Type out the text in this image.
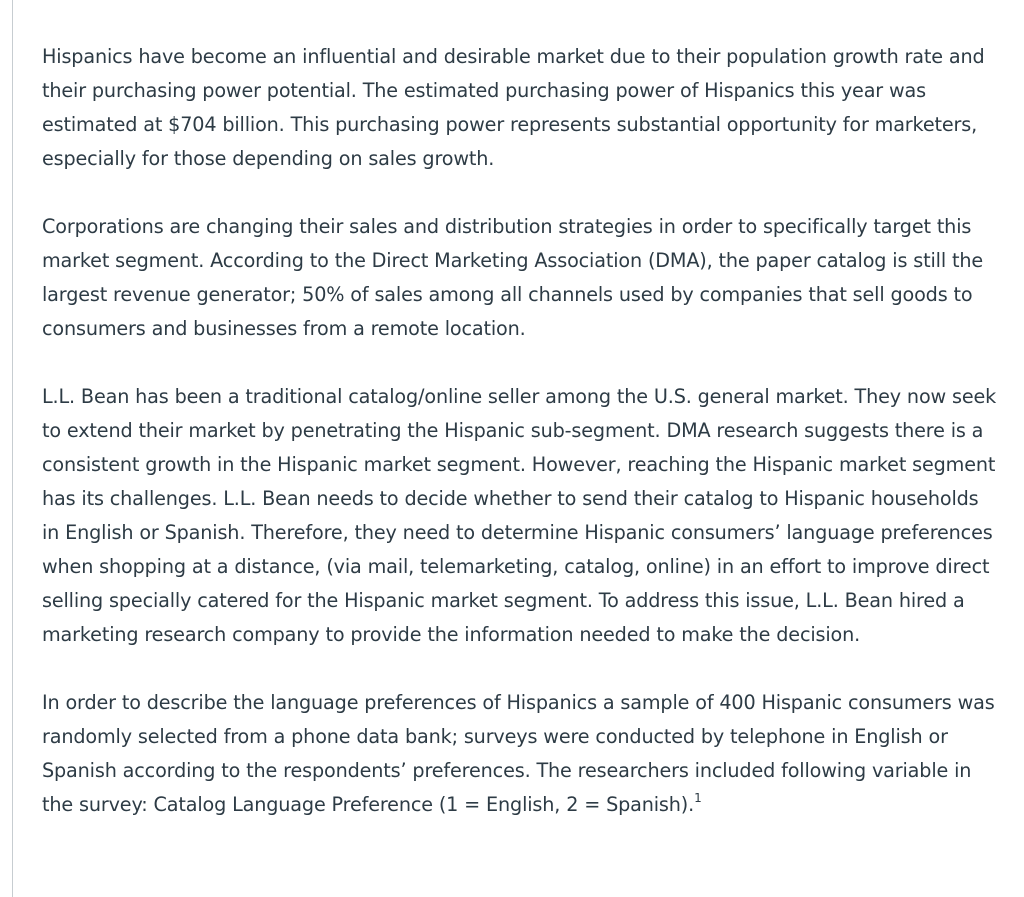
Hispanics have become an influential and desirable market due to their population growth rate and their purchasing power potential. The estimated purchasing power of Hispanics this year was estimated at $704 billion. This purchasing power represents substantial opportunity for marketers, especially for those depending on sales growth.

Corporations are changing their sales and distribution strategies in order to specifically target this market segment. According to the Direct Marketing Association (DMA), the paper catalog is still the largest revenue generator; 50% of sales among all channels used by companies that sell goods to consumers and businesses from a remote location.

L.L. Bean has been a traditional catalog/online seller among the U.S. general market. They now seek to extend their market by penetrating the Hispanic sub-segment. DMA research suggests there is a consistent growth in the Hispanic market segment. However, reaching the Hispanic market segment has its challenges. L.L. Bean needs to decide whether to send their catalog to Hispanic households in English or Spanish. Therefore, they need to determine Hispanic consumers’ language preferences when shopping at a distance, (via mail, telemarketing, catalog, online) in an effort to improve direct selling specially catered for the Hispanic market segment. To address this issue, L.L. Bean hired a marketing research company to provide the information needed to make the decision.

In order to describe the language preferences of Hispanics a sample of 400 Hispanic consumers was randomly selected from a phone data bank; surveys were conducted by telephone in English or Spanish according to the respondents’ preferences. The researchers included following variable in the survey: Catalog Language Preference (1 = English, 2 = Spanish).$^1$
